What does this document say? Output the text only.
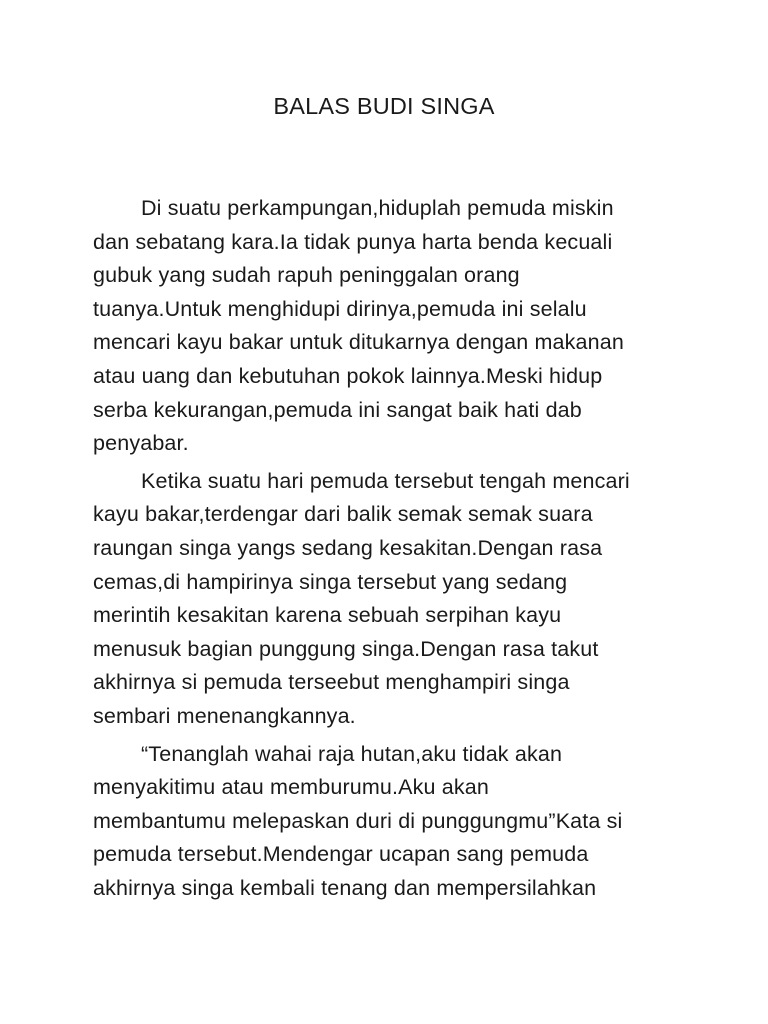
BALAS BUDI SINGA
Di suatu perkampungan,hiduplah pemuda miskin
dan sebatang kara.Ia tidak punya harta benda kecuali
gubuk yang sudah rapuh peninggalan orang
tuanya.Untuk menghidupi dirinya,pemuda ini selalu
mencari kayu bakar untuk ditukarnya dengan makanan
atau uang dan kebutuhan pokok lainnya.Meski hidup
serba kekurangan,pemuda ini sangat baik hati dab
penyabar.
Ketika suatu hari pemuda tersebut tengah mencari
kayu bakar,terdengar dari balik semak semak suara
raungan singa yangs sedang kesakitan.Dengan rasa
cemas,di hampirinya singa tersebut yang sedang
merintih kesakitan karena sebuah serpihan kayu
menusuk bagian punggung singa.Dengan rasa takut
akhirnya si pemuda terseebut menghampiri singa
sembari menenangkannya.
“Tenanglah wahai raja hutan,aku tidak akan
menyakitimu atau memburumu.Aku akan
membantumu melepaskan duri di punggungmu”Kata si
pemuda tersebut.Mendengar ucapan sang pemuda
akhirnya singa kembali tenang dan mempersilahkan
